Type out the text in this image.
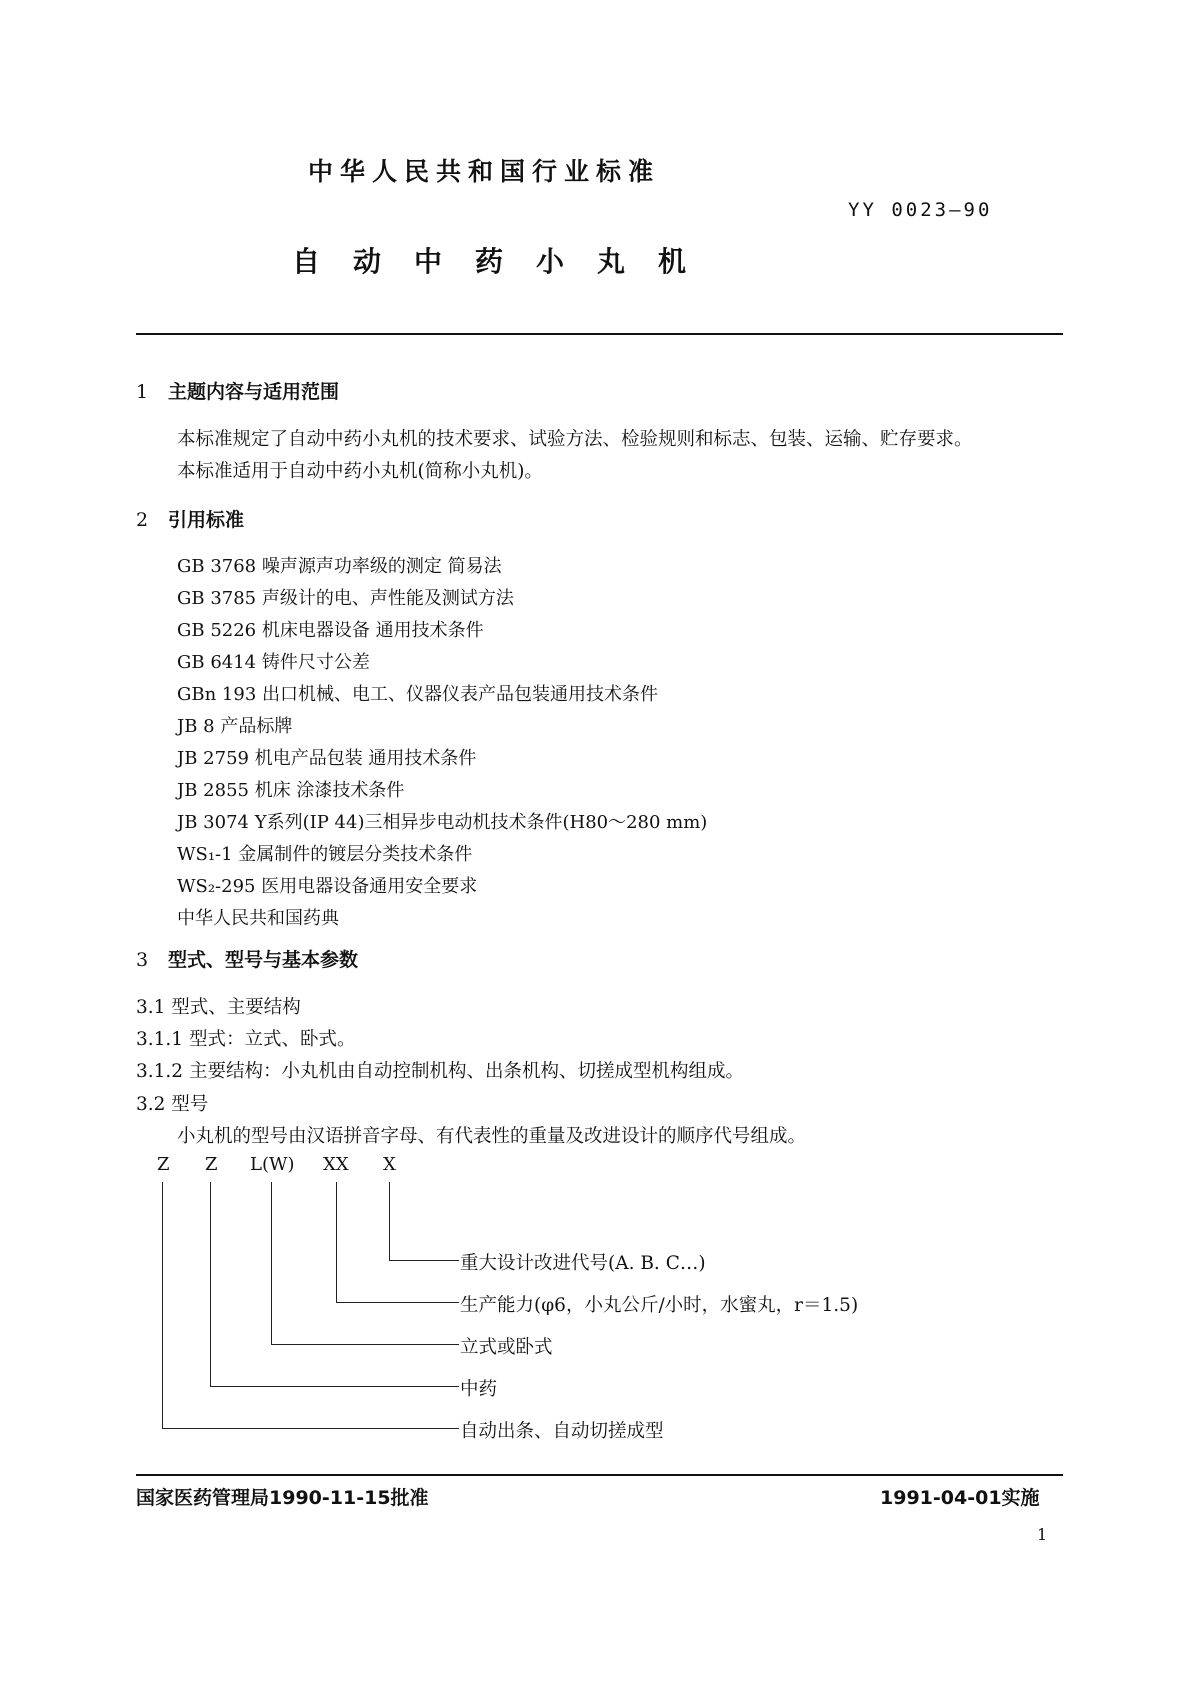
中华人民共和国行业标准
YY 0023—90
自动中药小丸机
1 主题内容与适用范围
本标准规定了自动中药小丸机的技术要求、试验方法、检验规则和标志、包装、运输、贮存要求。
本标准适用于自动中药小丸机(简称小丸机)。
2 引用标准
GB 3768 噪声源声功率级的测定 简易法
GB 3785 声级计的电、声性能及测试方法
GB 5226 机床电器设备 通用技术条件
GB 6414 铸件尺寸公差
GBn 193 出口机械、电工、仪器仪表产品包装通用技术条件
JB 8 产品标牌
JB 2759 机电产品包装 通用技术条件
JB 2855 机床 涂漆技术条件
JB 3074 Y系列(IP 44)三相异步电动机技术条件(H80～280 mm)
WS₁-1 金属制件的镀层分类技术条件
WS₂-295 医用电器设备通用安全要求
中华人民共和国药典
3 型式、型号与基本参数
3.1 型式、主要结构
3.1.1 型式：立式、卧式。
3.1.2 主要结构：小丸机由自动控制机构、出条机构、切搓成型机构组成。
3.2 型号
小丸机的型号由汉语拼音字母、有代表性的重量及改进设计的顺序代号组成。
Z Z L(W) XX X
重大设计改进代号(A. B. C…)
生产能力(φ6，小丸公斤/小时，水蜜丸，r＝1.5)
立式或卧式
中药
自动出条、自动切搓成型
国家医药管理局1990-11-15批准	1991-04-01实施
1
